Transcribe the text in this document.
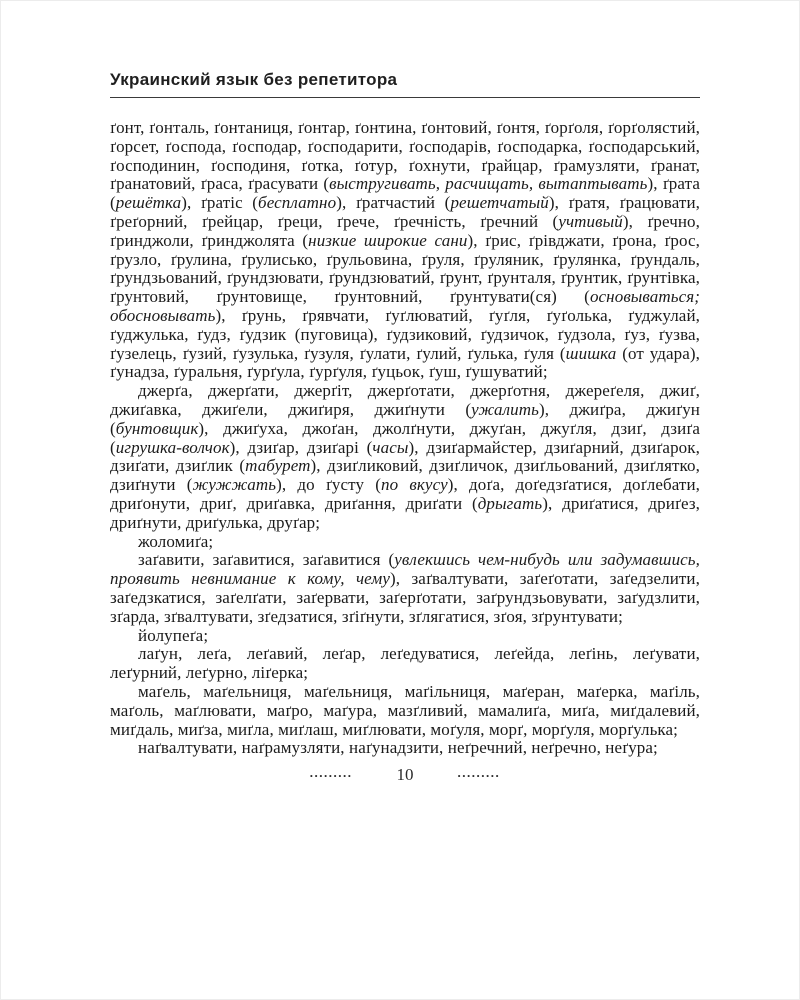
Украинский язык без репетитора

ґонт, ґонталь, ґонтаниця, ґонтар, ґонтина, ґонтовий, ґонтя, ґорґоля, ґорґолястий, ґорсет, ґоспода, ґосподар, ґосподарити, ґосподарів, ґосподарка, ґосподарський, ґосподинин, ґосподиня, ґотка, ґотур, ґохнути, ґрайцар, ґрамузляти, ґранат, ґранатовий, ґраса, ґрасувати (выстругивать, расчищать, вытаптывать), ґрата (решётка), ґратіс (бесплатно), ґратчастий (решетчатый), ґратя, ґрацювати, ґреґорний, ґрейцар, ґреци, ґрече, ґречність, ґречний (учтивый), ґречно, ґринджоли, ґринджолята (низкие широкие сани), ґрис, ґрівджати, ґрона, ґрос, ґрузло, ґрулина, ґрулисько, ґрульовина, ґруля, ґруляник, ґрулянка, ґрундаль, ґрундзьований, ґрундзювати, ґрундзюватий, ґрунт, ґрунталя, ґрунтик, ґрунтівка, ґрунтовий, ґрунтовище, ґрунтовний, ґрунтувати(ся) (основываться; обосновывать), ґрунь, ґрявчати, ґуґлюватий, ґуґля, ґуґолька, ґуджулай, ґуджулька, ґудз, ґудзик (пуговица), ґудзиковий, ґудзичок, ґудзола, ґуз, ґузва, ґузелець, ґузий, ґузулька, ґузуля, ґулати, ґулий, ґулька, ґуля (шишка (от удара), ґунадза, ґуральня, ґурґула, ґурґуля, ґуцьок, ґуш, ґушуватий;

джерґа, джерґати, джерґіт, джерґотати, джерґотня, джереґеля, джиґ, джиґавка, джиґели, джиґиря, джиґнути (ужалить), джиґра, джиґун (бунтовщик), джиґуха, джоґан, джолґнути, джуґан, джуґля, дзиґ, дзиґа (игрушка-волчок), дзиґар, дзиґарі (часы), дзиґармайстер, дзиґарний, дзиґарок, дзиґати, дзиґлик (табурет), дзиґликовий, дзиґличок, дзиґльований, дзиґлятко, дзиґнути (жужжать), до ґусту (по вкусу), доґа, доґедзґатися, доґлебати, дриґонути, дриґ, дриґавка, дриґання, дриґати (дрыгать), дриґатися, дриґез, дриґнути, дриґулька, друґар;

жоломиґа;

заґавити, заґавитися, заґавитися (увлекшись чем-нибудь или задумавшись, проявить невнимание к кому, чему), заґвалтувати, заґеґотати, заґедзелити, заґедзкатися, заґелґати, заґервати, заґерґотати, заґрундзьовувати, заґудзлити, зґарда, зґвалтувати, зґедзатися, зґіґнути, зґлягатися, зґоя, зґрунтувати;

йолупеґа;

лаґун, леґа, леґавий, леґар, леґедуватися, леґейда, леґінь, леґувати, леґурний, леґурно, ліґерка;

маґель, маґельниця, маґельниця, маґільниця, маґеран, маґерка, маґіль, маґоль, маґлювати, маґро, маґура, мазґливий, мамалиґа, миґа, миґдалевий, миґдаль, миґза, миґла, миґлаш, миґлювати, моґуля, морґ, морґуля, морґулька;

наґвалтувати, наґрамузляти, наґунадзити, неґречний, неґречно, неґура;

.........	10	.........
